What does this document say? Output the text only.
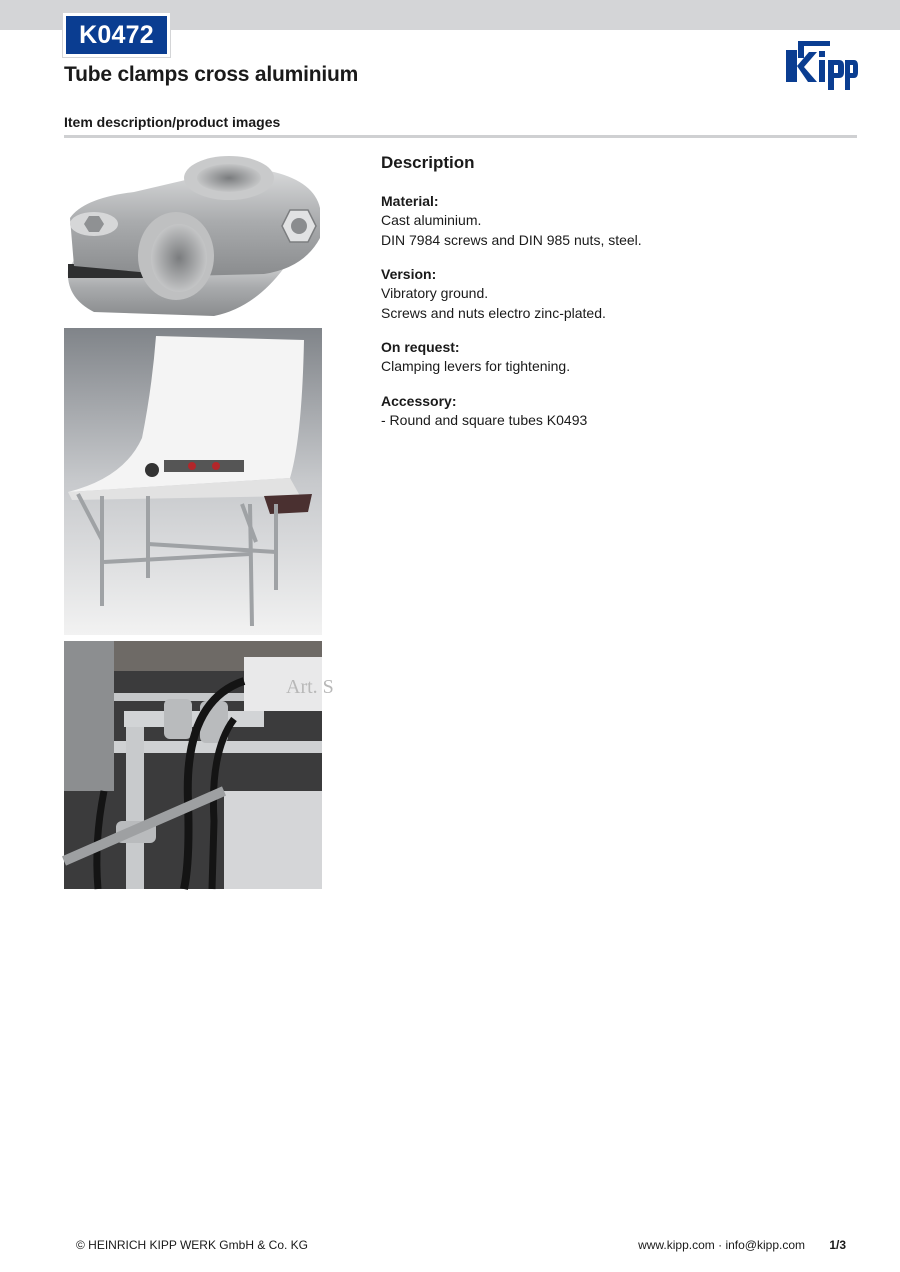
K0472
Tube clamps cross aluminium
Item description/product images
Art. S
Description
Material:
Cast aluminium.
DIN 7984 screws and DIN 985 nuts, steel.
Version:
Vibratory ground.
Screws and nuts electro zinc-plated.
On request:
Clamping levers for tightening.
Accessory:
- Round and square tubes K0493
© HEINRICH KIPP WERK GmbH & Co. KG	www.kipp.com · info@kipp.com 1/3
